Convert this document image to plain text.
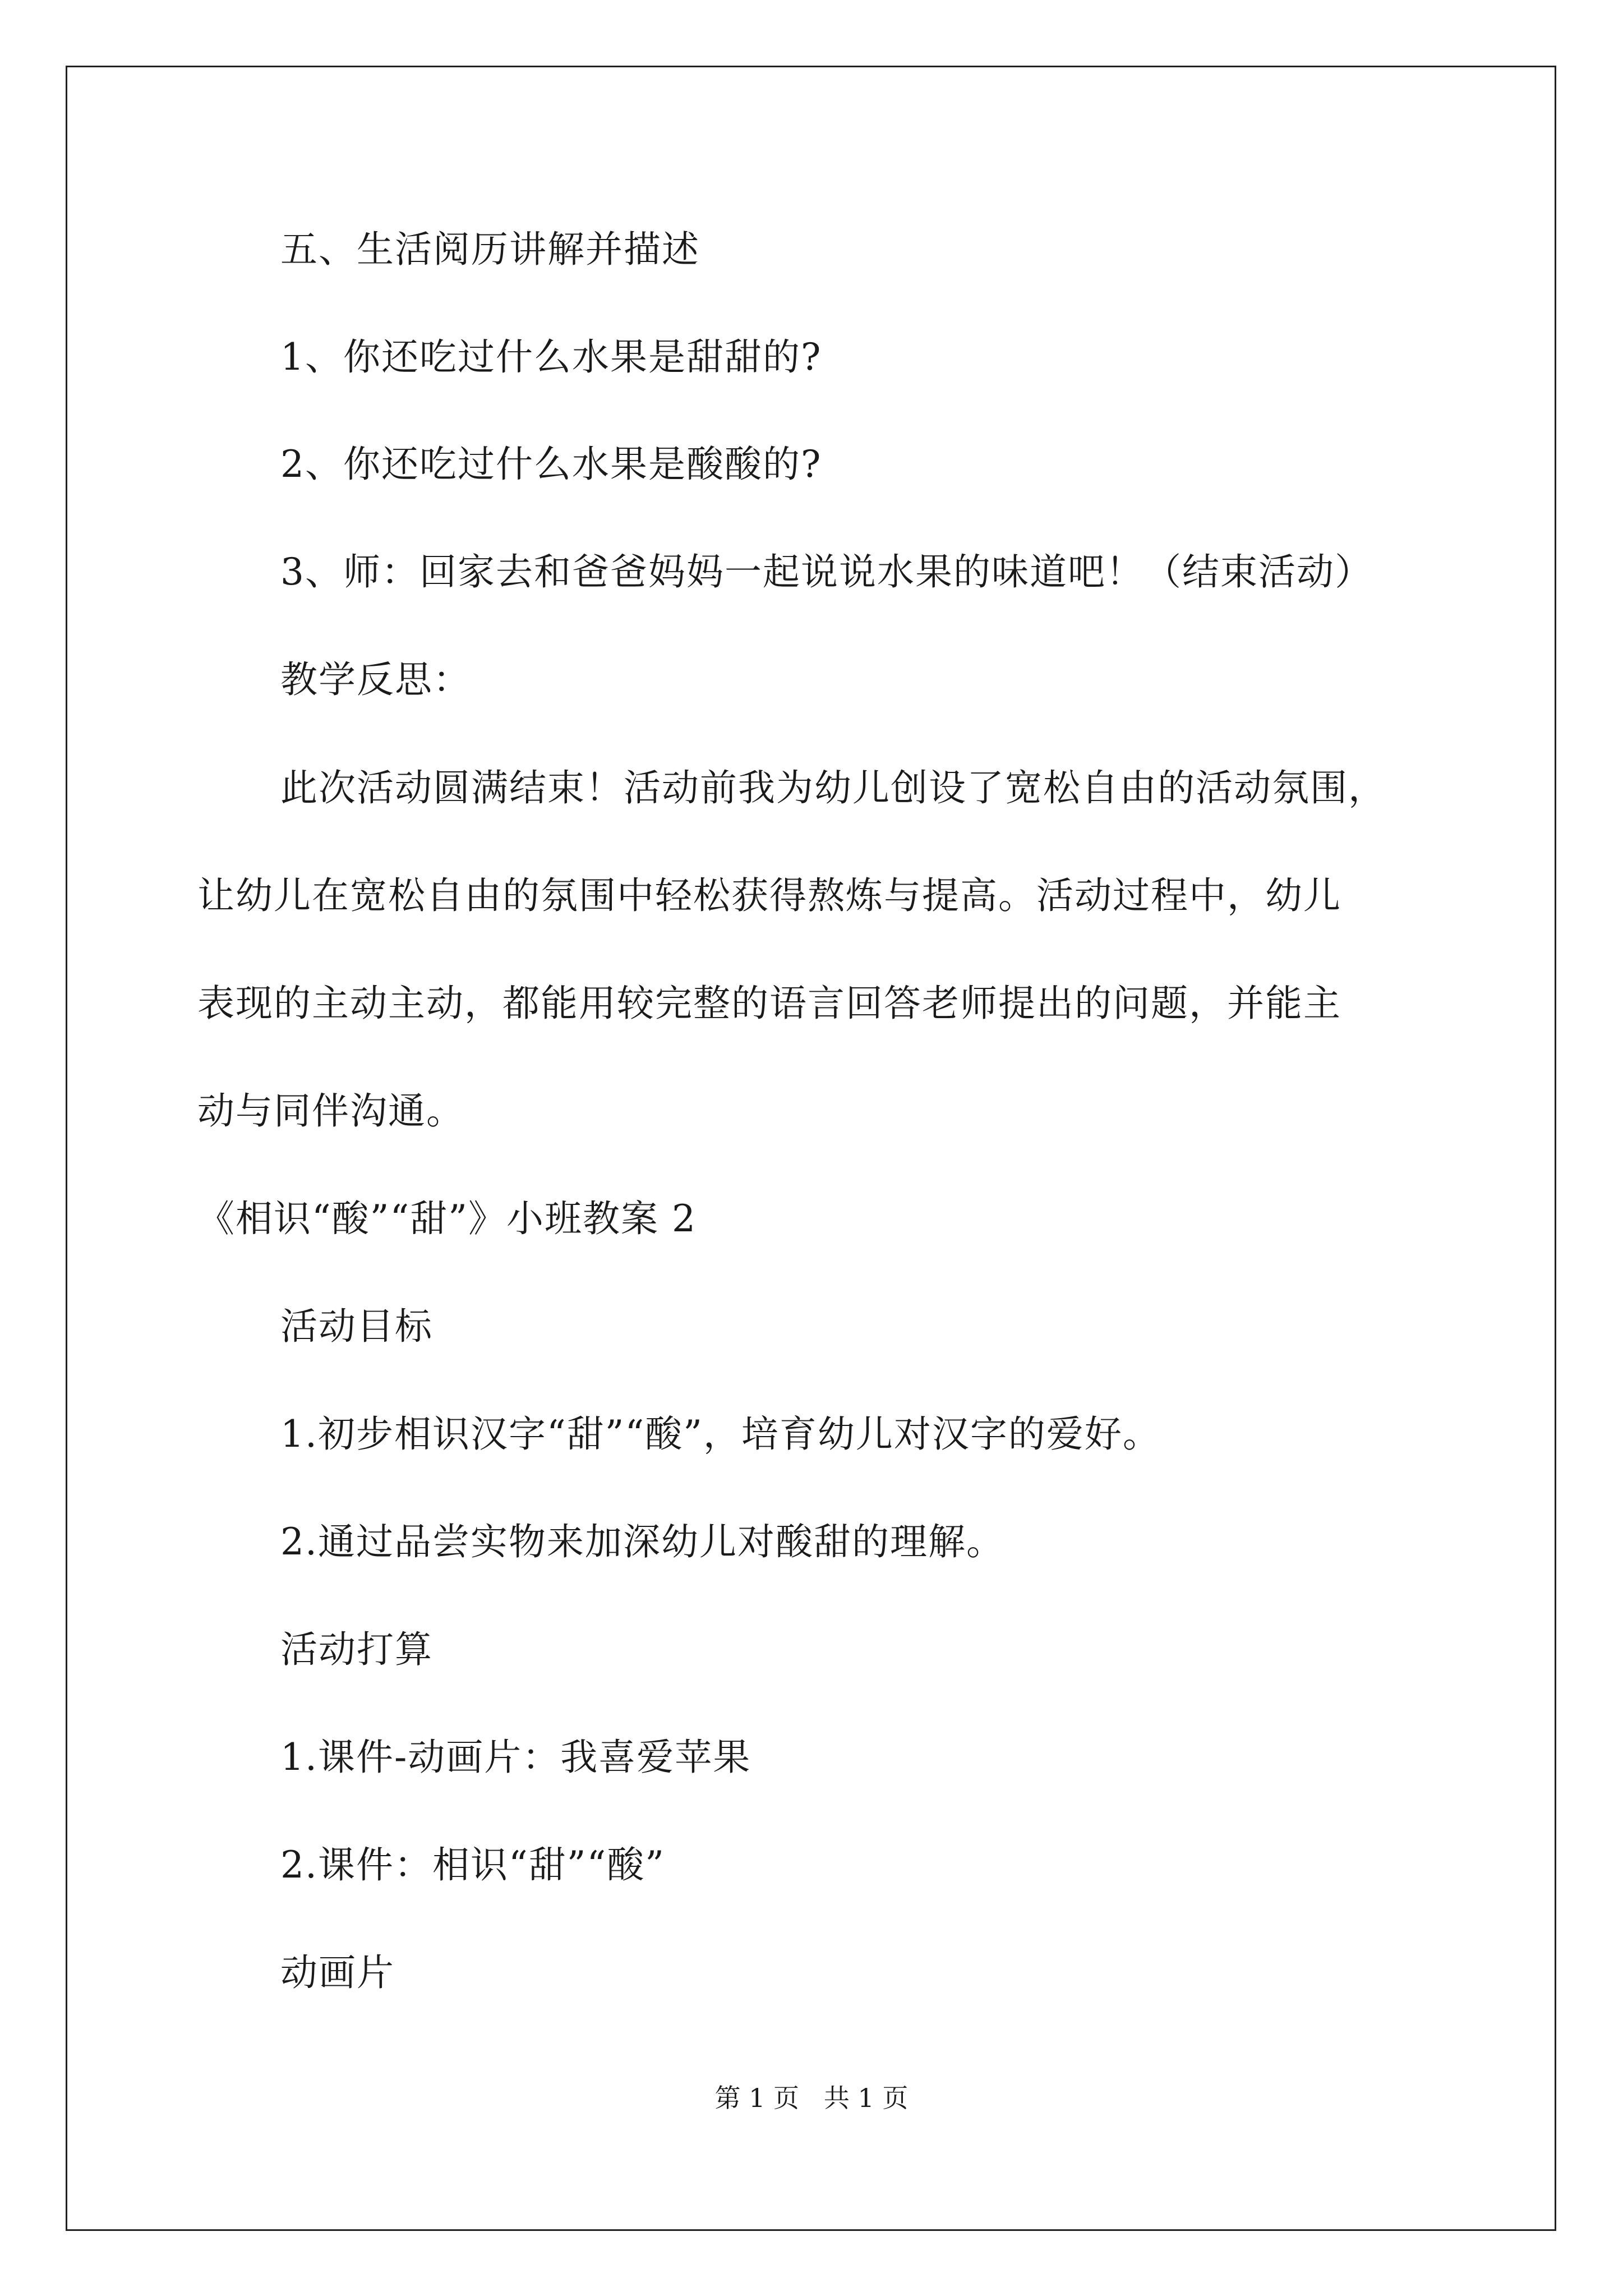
五、生活阅历讲解并描述
1、你还吃过什么水果是甜甜的?
2、你还吃过什么水果是酸酸的?
3、师：回家去和爸爸妈妈一起说说水果的味道吧！（结束活动）
教学反思：
此次活动圆满结束！活动前我为幼儿创设了宽松自由的活动氛围，
让幼儿在宽松自由的氛围中轻松获得熬炼与提高。活动过程中，幼儿
表现的主动主动，都能用较完整的语言回答老师提出的问题，并能主
动与同伴沟通。
《相识“酸”“甜”》小班教案 2
活动目标
1.初步相识汉字“甜”“酸”，培育幼儿对汉字的爱好。
2.通过品尝实物来加深幼儿对酸甜的理解。
活动打算
1.课件-动画片：我喜爱苹果
2.课件：相识“甜”“酸”
动画片
第 1 页   共 1 页
